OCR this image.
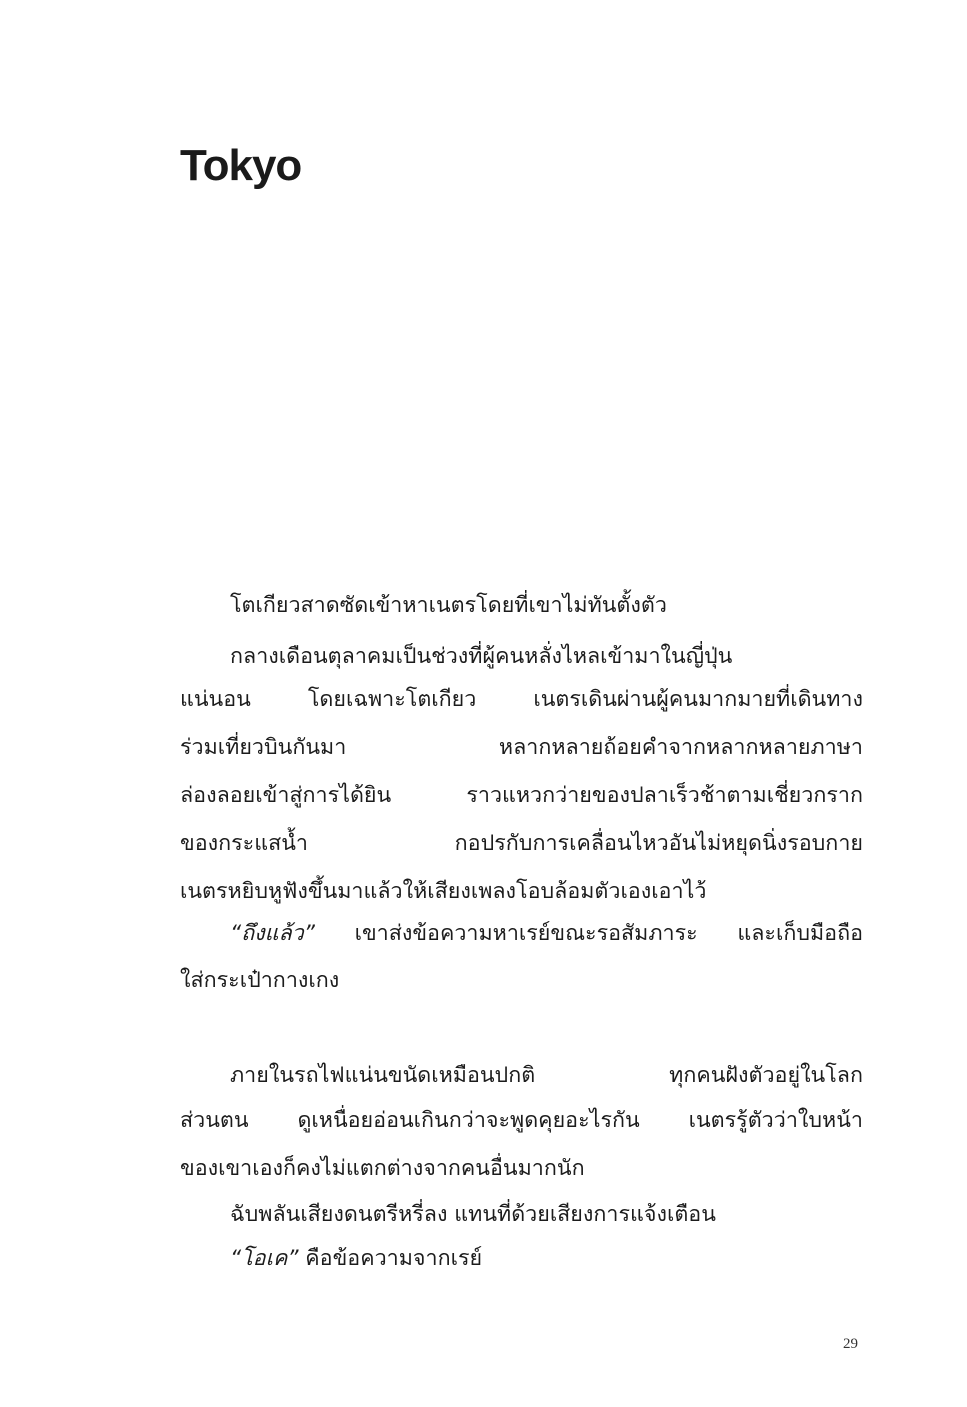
Tokyo
โตเกียวสาดซัดเข้าหาเนตรโดยที่เขาไม่ทันตั้งตัว
กลางเดือนตุลาคมเป็นช่วงที่ผู้คนหลั่งไหลเข้ามาในญี่ปุ่น
แน่นอน โดยเฉพาะโตเกียว เนตรเดินผ่านผู้คนมากมายที่เดินทาง
ร่วมเที่ยวบินกันมา หลากหลายถ้อยคำจากหลากหลายภาษา
ล่องลอยเข้าสู่การได้ยิน ราวแหวกว่ายของปลาเร็วช้าตามเชี่ยวกราก
ของกระแสน้ำ กอปรกับการเคลื่อนไหวอันไม่หยุดนิ่งรอบกาย
เนตรหยิบหูฟังขึ้นมาแล้วให้เสียงเพลงโอบล้อมตัวเองเอาไว้
“ถึงแล้ว” เขาส่งข้อความหาเรย์ขณะรอสัมภาระ และเก็บมือถือ
ใส่กระเป๋ากางเกง
ภายในรถไฟแน่นขนัดเหมือนปกติ ทุกคนฝังตัวอยู่ในโลก
ส่วนตน ดูเหนื่อยอ่อนเกินกว่าจะพูดคุยอะไรกัน เนตรรู้ตัวว่าใบหน้า
ของเขาเองก็คงไม่แตกต่างจากคนอื่นมากนัก
ฉับพลันเสียงดนตรีหรี่ลง แทนที่ด้วยเสียงการแจ้งเตือน
“โอเค” คือข้อความจากเรย์
29
